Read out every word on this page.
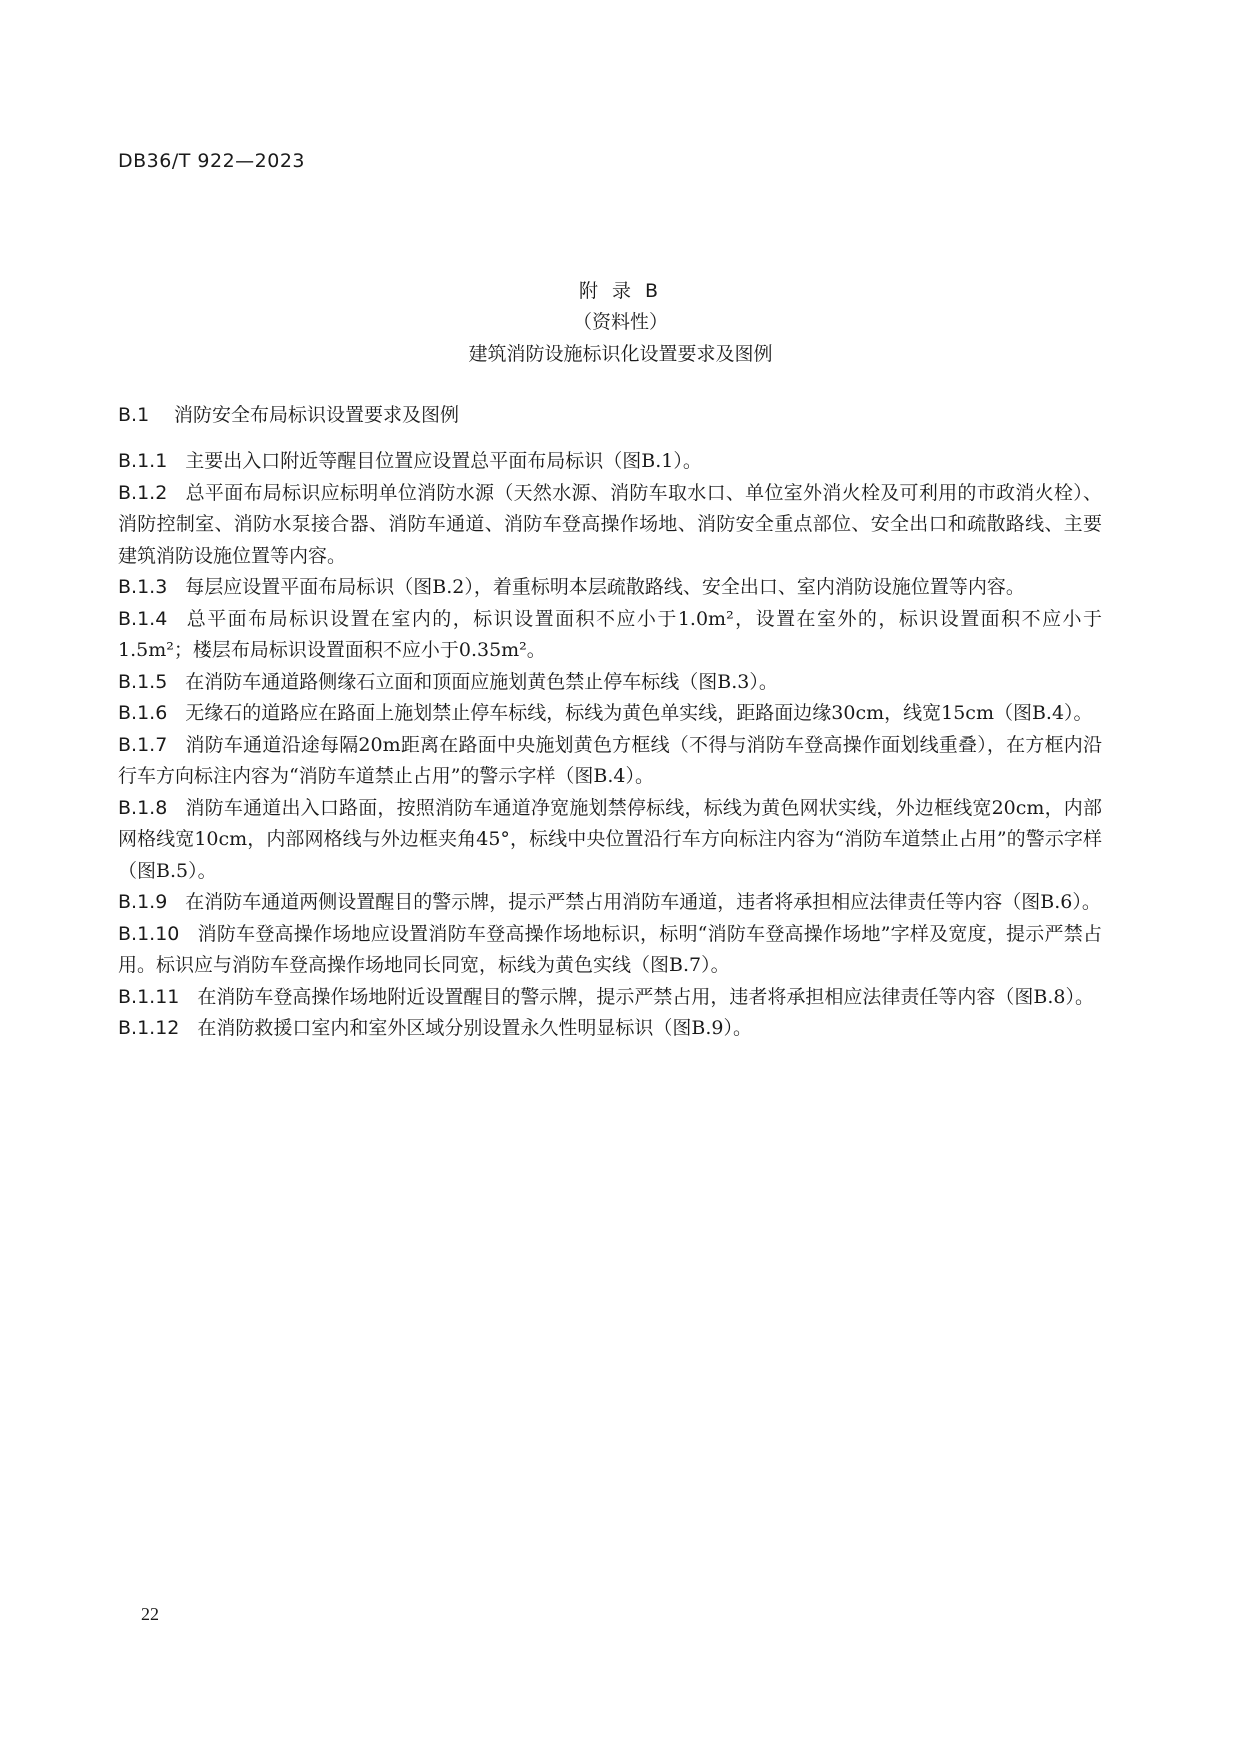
DB36/T 922—2023
附 录 B
（资料性）
建筑消防设施标识化设置要求及图例
B.1 消防安全布局标识设置要求及图例

B.1.1 主要出入口附近等醒目位置应设置总平面布局标识（图B.1）。

B.1.2 总平面布局标识应标明单位消防水源（天然水源、消防车取水口、单位室外消火栓及可利用的市政消火栓）、消防控制室、消防水泵接合器、消防车通道、消防车登高操作场地、消防安全重点部位、安全出口和疏散路线、主要建筑消防设施位置等内容。

B.1.3 每层应设置平面布局标识（图B.2），着重标明本层疏散路线、安全出口、室内消防设施位置等内容。

B.1.4 总平面布局标识设置在室内的，标识设置面积不应小于1.0m²，设置在室外的，标识设置面积不应小于1.5m²；楼层布局标识设置面积不应小于0.35m²。

B.1.5 在消防车通道路侧缘石立面和顶面应施划黄色禁止停车标线（图B.3）。

B.1.6 无缘石的道路应在路面上施划禁止停车标线，标线为黄色单实线，距路面边缘30cm，线宽15cm（图B.4）。

B.1.7 消防车通道沿途每隔20m距离在路面中央施划黄色方框线（不得与消防车登高操作面划线重叠），在方框内沿行车方向标注内容为“消防车道禁止占用”的警示字样（图B.4）。

B.1.8 消防车通道出入口路面，按照消防车通道净宽施划禁停标线，标线为黄色网状实线，外边框线宽20cm，内部网格线宽10cm，内部网格线与外边框夹角45°，标线中央位置沿行车方向标注内容为“消防车道禁止占用”的警示字样（图B.5）。

B.1.9 在消防车通道两侧设置醒目的警示牌，提示严禁占用消防车通道，违者将承担相应法律责任等内容（图B.6）。

B.1.10 消防车登高操作场地应设置消防车登高操作场地标识，标明“消防车登高操作场地”字样及宽度，提示严禁占用。标识应与消防车登高操作场地同长同宽，标线为黄色实线（图B.7）。

B.1.11 在消防车登高操作场地附近设置醒目的警示牌，提示严禁占用，违者将承担相应法律责任等内容（图B.8）。

B.1.12 在消防救援口室内和室外区域分别设置永久性明显标识（图B.9）。

22
